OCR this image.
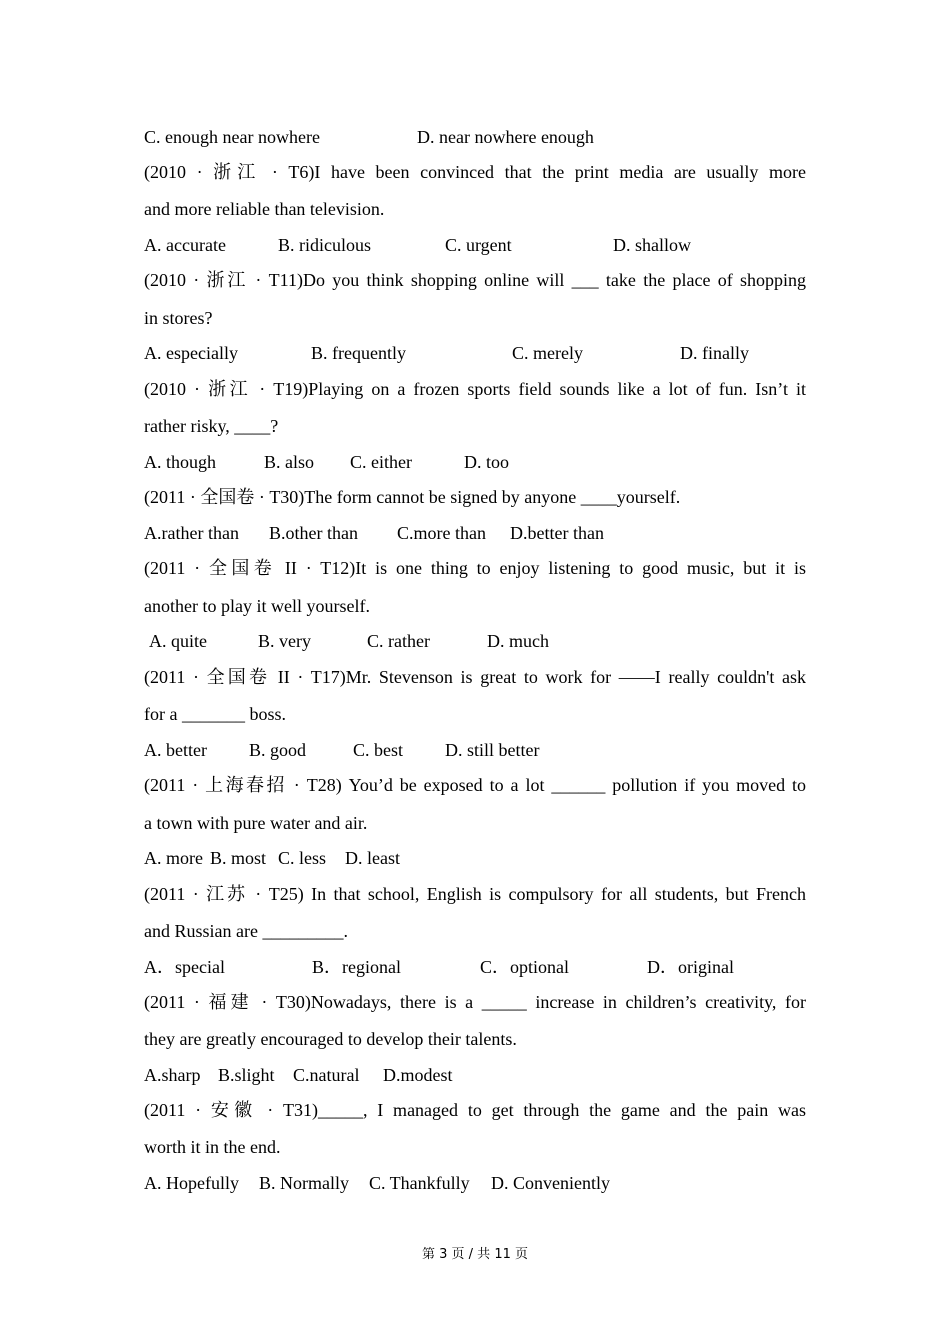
C. enough near nowhere	D. near nowhere enough
(2010 · 浙江 · T6)I have been convinced that the print media are usually more
and more reliable than television.
A. accurate	B. ridiculous	C. urgent	D. shallow
(2010 · 浙江 · T11)Do you think shopping online will ___ take the place of shopping
in stores?
A. especially	B. frequently	C. merely	D. finally
(2010 · 浙江 · T19)Playing on a frozen sports field sounds like a lot of fun. Isn’t it
rather risky, ____?
A. though	B. also C. either	D. too
(2011 · 全国卷 · T30)The form cannot be signed by anyone ____yourself.
A.rather than B.other than C.more than D.better than
(2011 · 全国卷 II · T12)It is one thing to enjoy listening to good music, but it is
another to play it well yourself.
A. quite	B. very	C. rather	D. much
(2011 · 全国卷 II · T17)Mr. Stevenson is great to work for ——I really couldn't ask
for a _______ boss.
A. better B. good	C. best D. still better
(2011 · 上海春招 · T28) You’d be exposed to a lot ______ pollution if you moved to
a town with pure water and air.
A. more B. most C. less D. least
(2011 · 江苏 · T25) In that school, English is compulsory for all students, but French
and Russian are _________.
A．special	B．regional	C．optional	D．original
(2011 · 福建 · T30)Nowadays, there is a _____ increase in children’s creativity, for
they are greatly encouraged to develop their talents.
A.sharp B.slight C.natural D.modest
(2011 · 安徽 · T31)_____, I managed to get through the game and the pain was
worth it in the end.
A. Hopefully B. Normally C. Thankfully D. Conveniently
第 3 页 / 共 11 页
